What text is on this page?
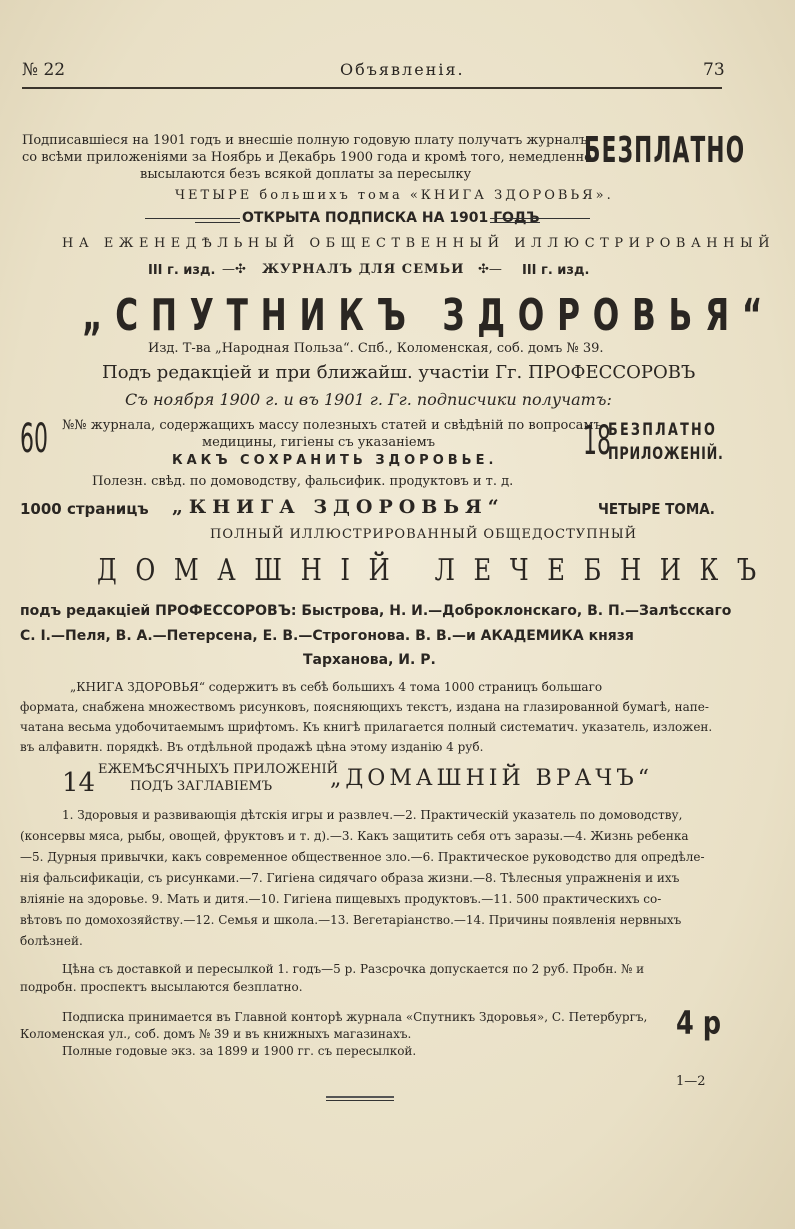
№ 22	Объявленія.	73
Подписавшіеся на 1901 годъ и внесшіе полную годовую плату получатъ журналъ
со всѣми приложеніями за Ноябрь и Декабрь 1900 года и кромѣ того, немедленно
высылаются безъ всякой доплаты за пересылку
БЕЗПЛАТНО
ЧЕТЫРЕ большихъ тома «КНИГА ЗДОРОВЬЯ».
ОТКРЫТА ПОДПИСКА НА 1901 ГОДЪ
НА ЕЖЕНЕДѢЛЬНЫЙ ОБЩЕСТВЕННЫЙ ИЛЛЮСТРИРОВАННЫЙ
III г. изд. —✣ ЖУРНАЛЪ ДЛЯ СЕМЬИ ✣— III г. изд.
„СПУТНИКЪ ЗДОРОВЬЯ“
Изд. Т-ва „Народная Польза“. Спб., Коломенская, соб. домъ № 39.
Подъ редакціей и при ближайш. участіи Гг. ПРОФЕССОРОВЪ
Съ ноября 1900 г. и въ 1901 г. Гг. подписчики получатъ:
60 №№ журнала, содержащихъ массу полезныхъ статей и свѣдѣній по вопросамъ
медицины, гигіены съ указаніемъ
КАКЪ СОХРАНИТЬ ЗДОРОВЬЕ.
Полезн. свѣд. по домоводству, фальсифик. продуктовъ и т. д.
18
БЕЗПЛАТНО
ПРИЛОЖЕНІЙ.
1000 страницъ „КНИГА ЗДОРОВЬЯ“	ЧЕТЫРЕ ТОМА.
ПОЛНЫЙ ИЛЛЮСТРИРОВАННЫЙ ОБЩЕДОСТУПНЫЙ
ДОМАШНІЙ ЛЕЧЕБНИКЪ
подъ редакціей ПРОФЕССОРОВЪ: Быстрова, Н. И.—Доброклонскаго, В. П.—Залѣсскаго
С. І.—Пеля, В. А.—Петерсена, Е. В.—Строгонова. В. В.—и АКАДЕМИКА князя
Тарханова, И. Р.
„КНИГА ЗДОРОВЬЯ“ содержитъ въ себѣ большихъ 4 тома 1000 страницъ большаго
формата, снабжена множествомъ рисунковъ, поясняющихъ текстъ, издана на глазированной бумагѣ, напе-
чатана весьма удобочитаемымъ шрифтомъ. Къ книгѣ прилагается полный систематич. указатель, изложен.
въ алфавитн. порядкѣ. Въ отдѣльной продажѣ цѣна этому изданію 4 руб.
14 ЕЖЕМѢСЯЧНЫХЪ ПРИЛОЖЕНІЙ
ПОДЪ ЗАГЛАВІЕМЪ	„ДОМАШНІЙ ВРАЧЪ“
1. Здоровыя и развивающія дѣтскія игры и развлеч.—2. Практическій указатель по домоводству,
(консервы мяса, рыбы, овощей, фруктовъ и т. д).—3. Какъ защитить себя отъ заразы.—4. Жизнь ребенка
—5. Дурныя привычки, какъ современное общественное зло.—6. Практическое руководство для опредѣле-
нія фальсификаціи, съ рисунками.—7. Гигіена сидячаго образа жизни.—8. Тѣлесныя упражненія и ихъ
вліяніе на здоровье. 9. Мать и дитя.—10. Гигіена пищевыхъ продуктовъ.—11. 500 практическихъ со-
вѣтовъ по домохозяйству.—12. Семья и школа.—13. Вегетаріанство.—14. Причины появленія нервныхъ
болѣзней.
Цѣна съ доставкой и пересылкой 1. годъ—5 р. Разсрочка допускается по 2 руб. Пробн. № и
подробн. проспектъ высылаются безплатно.
Подписка принимается въ Главной конторѣ журнала «Спутникъ Здоровья», С. Петербургъ,
Коломенская ул., соб. домъ № 39 и въ книжныхъ магазинахъ.
Полные годовые экз. за 1899 и 1900 гг. съ пересылкой.
4 р
1—2
